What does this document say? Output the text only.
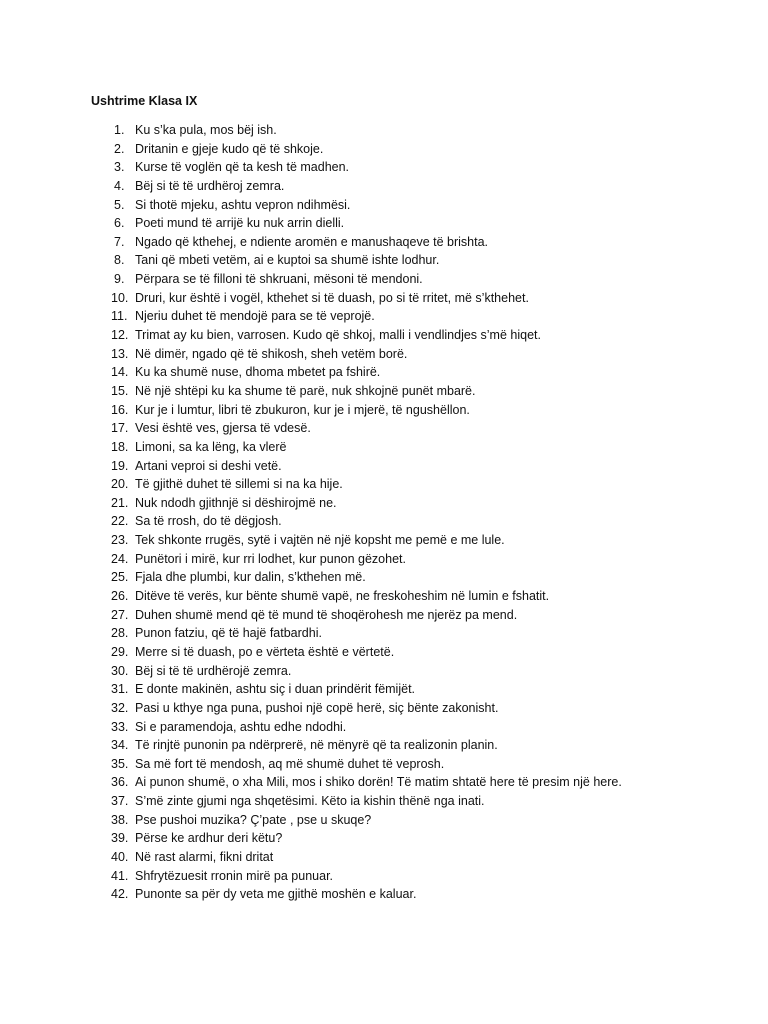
Ushtrime Klasa IX
1. Ku s’ka pula, mos bëj ish.
2. Dritanin e gjeje kudo që të shkoje.
3. Kurse të voglën që ta kesh të madhen.
4. Bëj si të të urdhëroj zemra.
5. Si thotë mjeku, ashtu vepron ndihmësi.
6. Poeti mund të arrijë ku nuk arrin dielli.
7. Ngado që kthehej, e ndiente aromën e manushaqeve të brishta.
8. Tani që mbeti vetëm, ai e kuptoi sa shumë ishte lodhur.
9. Përpara se të filloni të shkruani, mësoni të mendoni.
10. Druri, kur është i vogël, kthehet si të duash, po si të rritet, më s’kthehet.
11. Njeriu duhet të mendojë para se të veprojë.
12. Trimat ay ku bien, varrosen. Kudo që shkoj, malli i vendlindjes s’më hiqet.
13. Në dimër, ngado që të shikosh, sheh vetëm borë.
14. Ku ka shumë nuse, dhoma mbetet pa fshirë.
15. Në një shtëpi ku ka shume të parë, nuk shkojnë punët mbarë.
16. Kur je i lumtur, libri të zbukuron, kur je i mjerë, të ngushëllon.
17. Vesi është ves, gjersa të vdesë.
18. Limoni, sa ka lëng, ka vlerë
19. Artani veproi si deshi vetë.
20. Të gjithë duhet të sillemi si na ka hije.
21. Nuk ndodh gjithnjë si dëshirojmë ne.
22. Sa të rrosh, do të dëgjosh.
23. Tek shkonte rrugës, sytë i vajtën në një kopsht me pemë e me lule.
24. Punëtori i mirë, kur rri lodhet, kur punon gëzohet.
25. Fjala dhe plumbi, kur dalin, s’kthehen më.
26. Ditëve të verës, kur bënte shumë vapë, ne freskoheshim në lumin e fshatit.
27. Duhen shumë mend që të mund të shoqërohesh me njerëz pa mend.
28. Punon fatziu, që të hajë fatbardhi.
29. Merre si të duash, po e vërteta është e vërtetë.
30. Bëj si të të urdhërojë zemra.
31. E donte makinën, ashtu siç i duan prindërit fëmijët.
32. Pasi u kthye nga puna, pushoi një copë herë, siç bënte zakonisht.
33. Si e paramendoja, ashtu edhe ndodhi.
34. Të rinjtë punonin pa ndërprerë, në mënyrë që ta realizonin planin.
35. Sa më fort të mendosh, aq më shumë duhet të veprosh.
36. Ai punon shumë, o xha Mili, mos i shiko dorën! Të matim shtatë here të presim një here.
37. S’më zinte gjumi nga shqetësimi. Këto ia kishin thënë nga inati.
38. Pse pushoi muzika? Ç’pate , pse u skuqe?
39. Përse ke ardhur deri këtu?
40. Në rast alarmi, fikni dritat
41. Shfrytëzuesit rronin mirë pa punuar.
42. Punonte sa për dy veta me gjithë moshën e kaluar.
